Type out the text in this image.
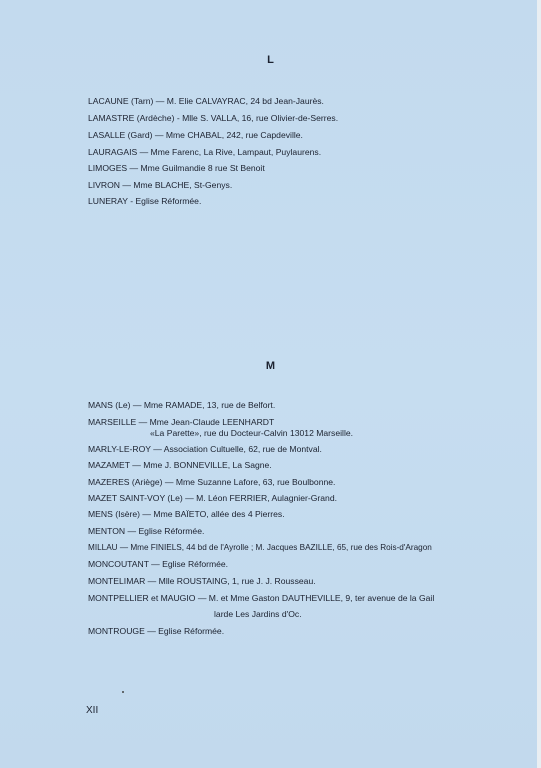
L
LACAUNE (Tarn) — M. Elie CALVAYRAC, 24 bd Jean-Jaurès.
LAMASTRE (Ardèche) - Mlle S. VALLA, 16, rue Olivier-de-Serres.
LASALLE (Gard) — Mme CHABAL, 242, rue Capdeville.
LAURAGAIS — Mme Farenc, La Rive, Lampaut, Puylaurens.
LIMOGES — Mme Guilmandie 8 rue St Benoit
LIVRON — Mme BLACHE, St-Genys.
LUNERAY - Eglise Réformée.
M
MANS (Le) — Mme RAMADE, 13, rue de Belfort.
MARSEILLE — Mme Jean-Claude LEENHARDT
«La Parette», rue du Docteur-Calvin 13012 Marseille.
MARLY-LE-ROY — Association Cultuelle, 62, rue de Montval.
MAZAMET — Mme J. BONNEVILLE, La Sagne.
MAZERES (Ariège) — Mme Suzanne Lafore, 63, rue Boulbonne.
MAZET SAINT-VOY (Le) — M. Léon FERRIER, Aulagnier-Grand.
MENS (Isère) — Mme BAÏETO, allée des 4 Pierres.
MENTON — Eglise Réformée.
MILLAU — Mme FINIELS, 44 bd de l'Ayrolle ; M. Jacques BAZILLE, 65, rue des Rois-d'Aragon
MONCOUTANT — Eglise Réformée.
MONTELIMAR — Mlle ROUSTAING, 1, rue J. J. Rousseau.
MONTPELLIER et MAUGIO — M. et Mme Gaston DAUTHEVILLE, 9, ter avenue de la Gail
larde Les Jardins d'Oc.
MONTROUGE — Eglise Réformée.
XII
